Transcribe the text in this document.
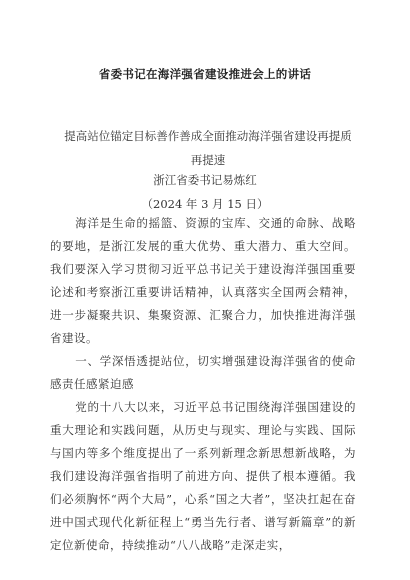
省委书记在海洋强省建设推进会上的讲话
提高站位锚定目标善作善成全面推动海洋强省建设再提质再提速
浙江省委书记易炼红
（2024 年 3 月 15 日）

海洋是生命的摇篮、资源的宝库、交通的命脉、战略的要地，是浙江发展的重大优势、重大潜力、重大空间。我们要深入学习贯彻习近平总书记关于建设海洋强国重要论述和考察浙江重要讲话精神，认真落实全国两会精神，进一步凝聚共识、集聚资源、汇聚合力，加快推进海洋强省建设。

一、学深悟透提站位，切实增强建设海洋强省的使命感责任感紧迫感

党的十八大以来，习近平总书记围绕海洋强国建设的重大理论和实践问题，从历史与现实、理论与实践、国际与国内等多个维度提出了一系列新理念新思想新战略，为我们建设海洋强省指明了前进方向、提供了根本遵循。我们必须胸怀“两个大局”，心系“国之大者”，坚决扛起在奋进中国式现代化新征程上“勇当先行者、谱写新篇章”的新定位新使命，持续推动“八八战略”走深走实，
